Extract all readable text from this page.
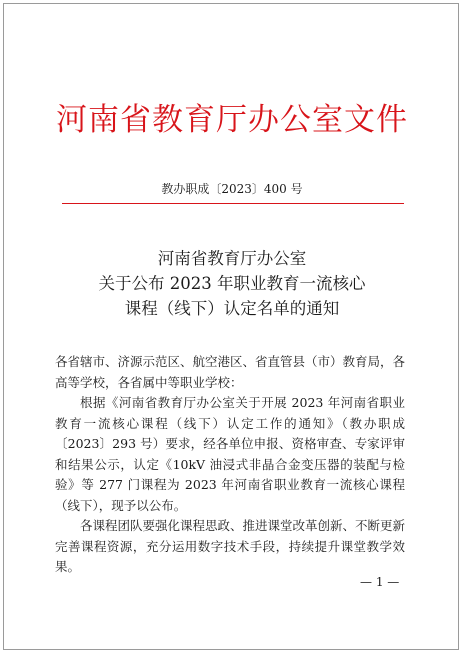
河南省教育厅办公室文件
教办职成〔2023〕400 号
河南省教育厅办公室
关于公布 2023 年职业教育一流核心
课程（线下）认定名单的通知

各省辖市、济源示范区、航空港区、省直管县（市）教育局，各高等学校，各省属中等职业学校：

根据《河南省教育厅办公室关于开展 2023 年河南省职业教育一流核心课程（线下）认定工作的通知》（教办职成〔2023〕293 号）要求，经各单位申报、资格审查、专家评审和结果公示，认定《10kV 油浸式非晶合金变压器的装配与检验》等 277 门课程为 2023 年河南省职业教育一流核心课程（线下），现予以公布。

各课程团队要强化课程思政、推进课堂改革创新、不断更新完善课程资源，充分运用数字技术手段，持续提升课堂教学效果。

— 1 —
